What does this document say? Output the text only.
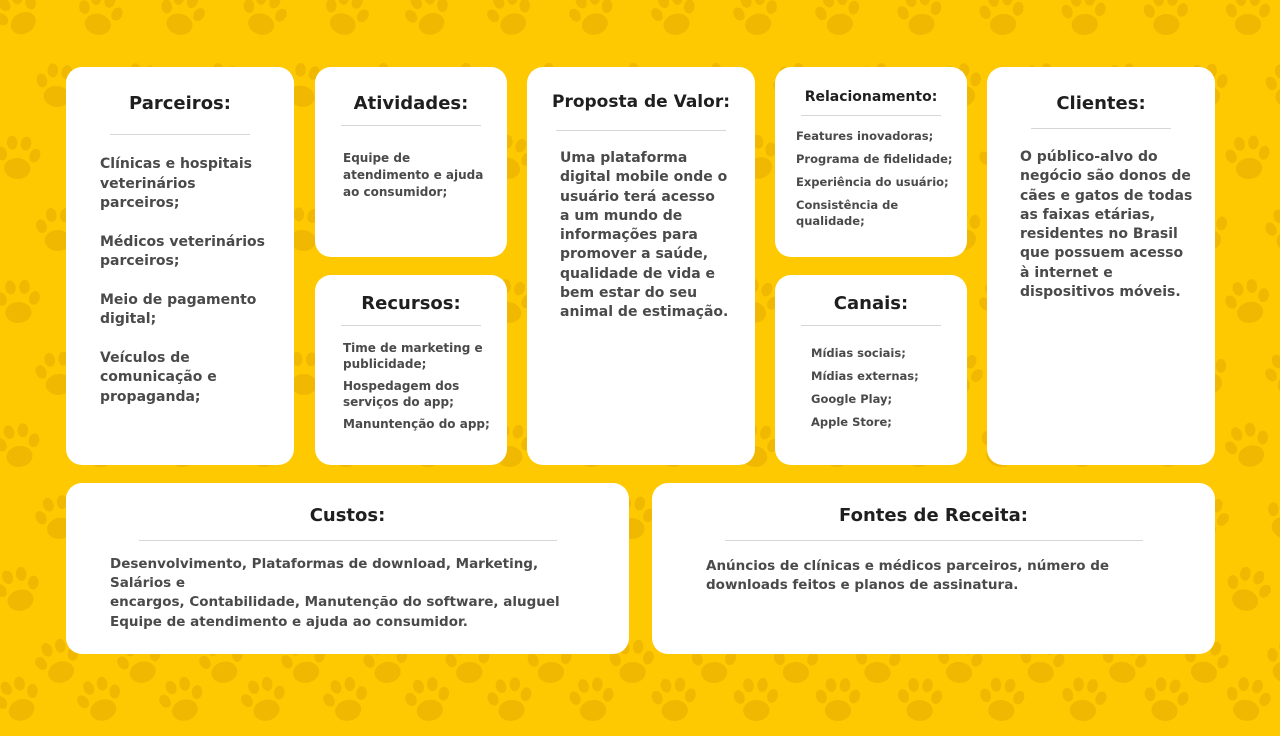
Parceiros:
Clínicas e hospitais veterinários parceiros;
Médicos veterinários parceiros;
Meio de pagamento digital;
Veículos de comunicação e propaganda;
Atividades:
Equipe de atendimento e ajuda ao consumidor;
Recursos:
Time de marketing e publicidade;
Hospedagem dos serviços do app;
Manuntenção do app;
Proposta de Valor:
Uma plataforma digital mobile onde o usuário terá acesso a um mundo de informações para promover a saúde, qualidade de vida e bem estar do seu animal de estimação.
Relacionamento:
Features inovadoras;
Programa de fidelidade;
Experiência do usuário;
Consistência de qualidade;
Canais:
Mídias sociais;
Mídias externas;
Google Play;
Apple Store;
Clientes:
O público-alvo do negócio são donos de cães e gatos de todas as faixas etárias, residentes no Brasil que possuem acesso à internet e dispositivos móveis.
Custos:
Desenvolvimento, Plataformas de download, Marketing, Salários e
encargos, Contabilidade, Manutenção do software, aluguel
Equipe de atendimento e ajuda ao consumidor.
Fontes de Receita:
Anúncios de clínicas e médicos parceiros, número de downloads feitos e planos de assinatura.
